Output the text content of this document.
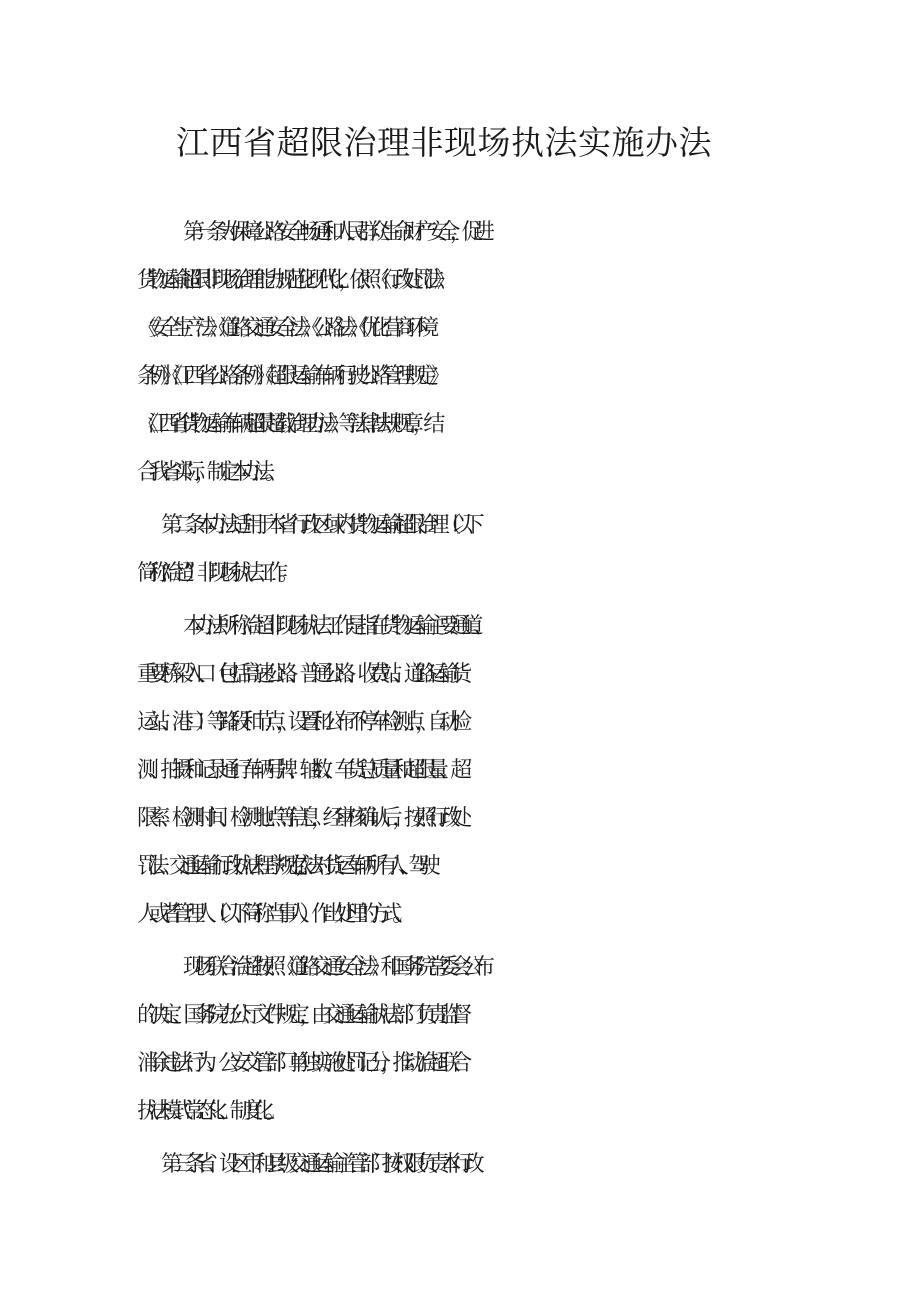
江西省超限治理非现场执法实施办法
第一条为保障公路安全畅通和人民群众生命财产安全，促进
货物运输超限非现场治理能力规范化现代化，依照《行政处罚法》
《安全生产法》《道路交通安全法》《公路法》《优化营商环境
条例》《江西省公路条例》《超限运输车辆行驶公路管理规定》
《江西省货物运输车辆超限超载治理办法》等法律法规规章，结
合我省实际，制定本办法。
第二条本办法适用于本省行政区域内货物运输超限治理（以下
简称“治超”）非现场执法工作。
本办法所称治超非现场执法工作是指在货物运输主要通道、
重要桥梁入口（包括高速公路、普通公路、收费站、道路运输货
运站、港口）等路段和节点，设置和公布不停车检测点，自动检
测、拍摄和记录通行车辆号牌、轴数、车货总质量和超限量、超
限率、检测时间、检测地点等信息，经审核确认后，按照行政处
罚法、交通运输行政执法程序规定,依法对货运车辆所有人、驾驶
人或者管理人（以下简称当事人）作出处理的方式。
现场联合治超按照《道路交通安全法》和国务院常委会公布
的决定、国务院办公厅文件规定，由交通运输执法部门负责监督
消除违法行为、公安交管部门单独实施处罚记分，推动治超联合
执法模式常态化、制度化。
第三条省、设区市和县级交通运输主管部门按权限负责本行政
